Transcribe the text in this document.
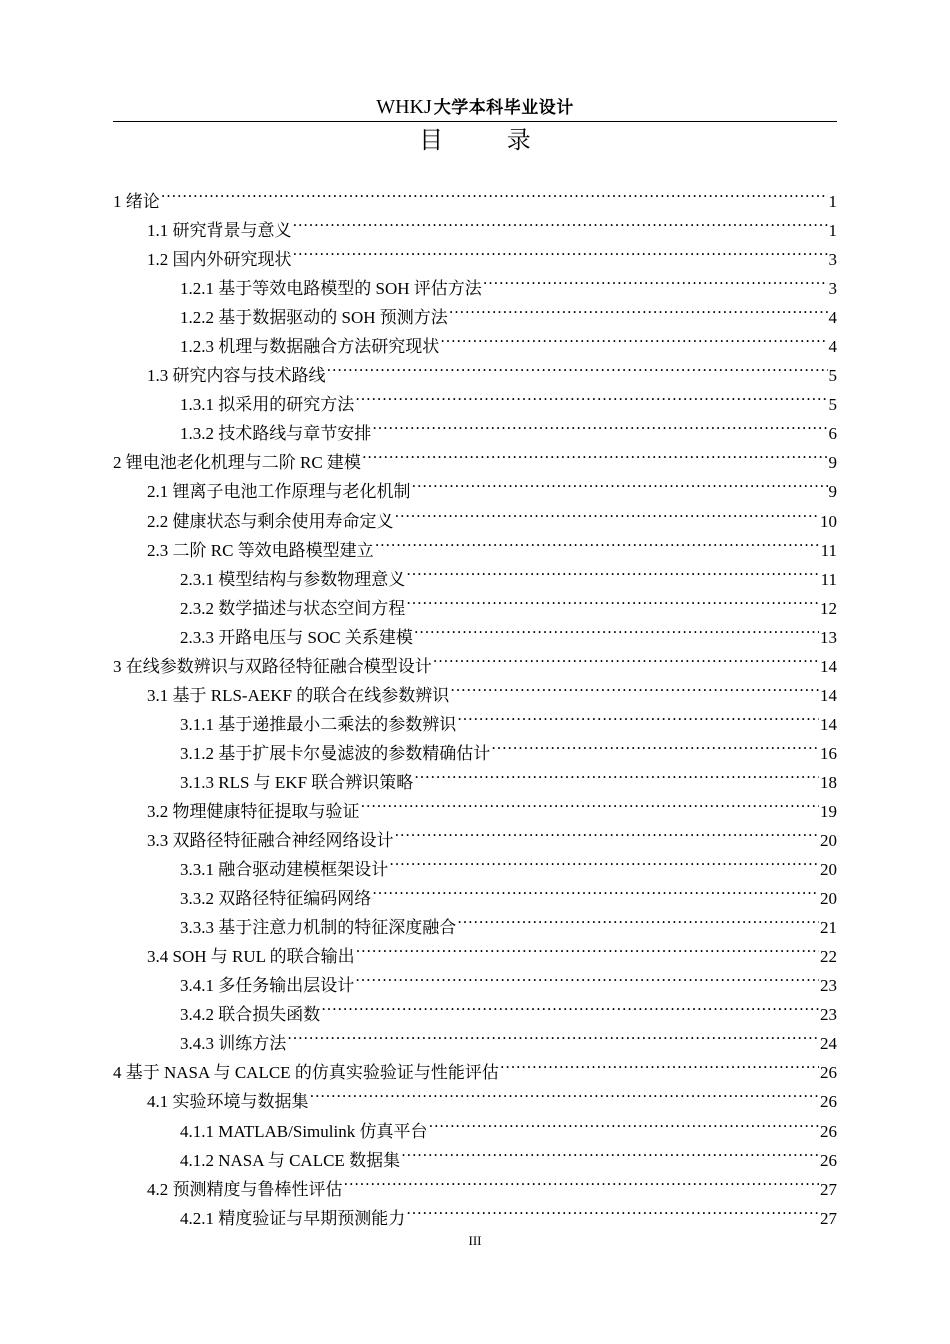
WHKJ 大学本科毕业设计
目 录
1 绪论 .....	1
1.1 研究背景与意义 .....	1
1.2 国内外研究现状 .....	3
1.2.1 基于等效电路模型的 SOH 评估方法 .....	3
1.2.2 基于数据驱动的 SOH 预测方法 .....	4
1.2.3 机理与数据融合方法研究现状 .....	4
1.3 研究内容与技术路线 .....	5
1.3.1 拟采用的研究方法 .....	5
1.3.2 技术路线与章节安排 .....	6
2 锂电池老化机理与二阶 RC 建模 .....	9
2.1 锂离子电池工作原理与老化机制 .....	9
2.2 健康状态与剩余使用寿命定义 .....	10
2.3 二阶 RC 等效电路模型建立 .....	11
2.3.1 模型结构与参数物理意义 .....	11
2.3.2 数学描述与状态空间方程 .....	12
2.3.3 开路电压与 SOC 关系建模 .....	13
3 在线参数辨识与双路径特征融合模型设计 .....	14
3.1 基于 RLS-AEKF 的联合在线参数辨识 .....	14
3.1.1 基于递推最小二乘法的参数辨识 .....	14
3.1.2 基于扩展卡尔曼滤波的参数精确估计 .....	16
3.1.3 RLS 与 EKF 联合辨识策略 .....	18
3.2 物理健康特征提取与验证 .....	19
3.3 双路径特征融合神经网络设计 .....	20
3.3.1 融合驱动建模框架设计 .....	20
3.3.2 双路径特征编码网络 .....	20
3.3.3 基于注意力机制的特征深度融合 .....	21
3.4 SOH 与 RUL 的联合输出 .....	22
3.4.1 多任务输出层设计 .....	23
3.4.2 联合损失函数 .....	23
3.4.3 训练方法 .....	24
4 基于 NASA 与 CALCE 的仿真实验验证与性能评估 .....	26
4.1 实验环境与数据集 .....	26
4.1.1 MATLAB/Simulink 仿真平台 .....	26
4.1.2 NASA 与 CALCE 数据集 .....	26
4.2 预测精度与鲁棒性评估 .....	27
4.2.1 精度验证与早期预测能力 .....	27
III
